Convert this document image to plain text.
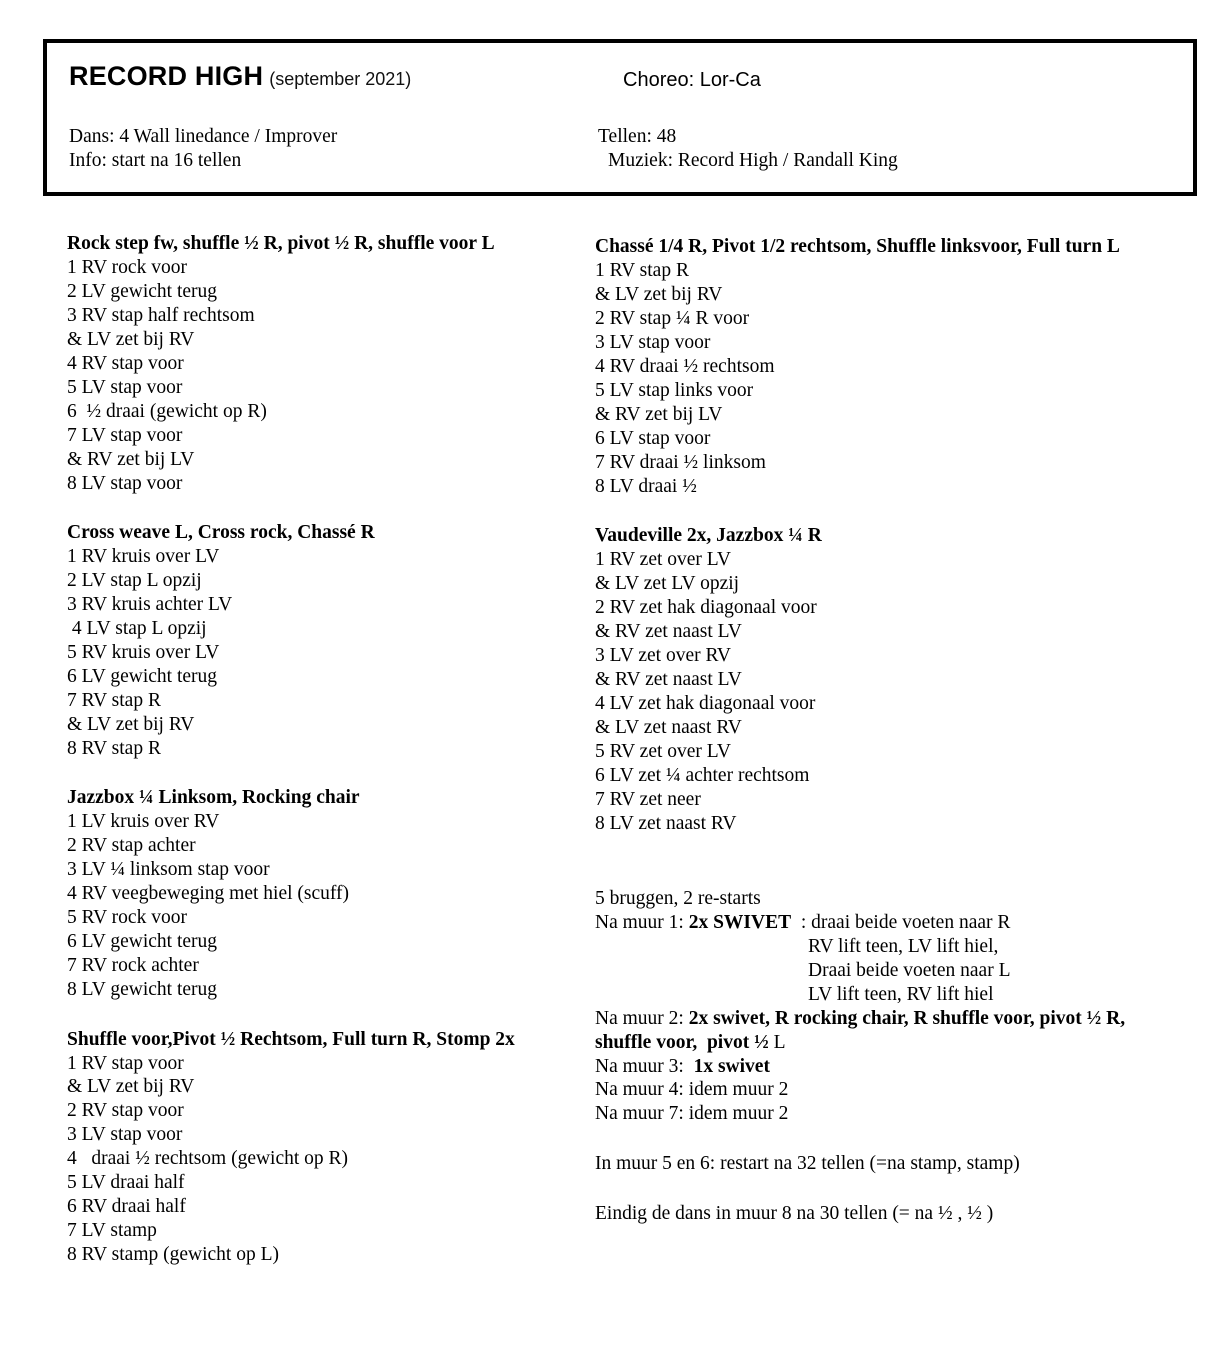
RECORD HIGH (september 2021)	Choreo: Lor-Ca
Dans: 4 Wall linedance / Improver
Info: start na 16 tellen
Tellen: 48
Muziek: Record High / Randall King
Rock step fw, shuffle ½ R, pivot ½ R, shuffle voor L
1 RV rock voor
2 LV gewicht terug
3 RV stap half rechtsom
& LV zet bij RV
4 RV stap voor
5 LV stap voor
6  ½ draai (gewicht op R)
7 LV stap voor
& RV zet bij LV
8 LV stap voor
Cross weave L, Cross rock, Chassé R
1 RV kruis over LV
2 LV stap L opzij
3 RV kruis achter LV
4 LV stap L opzij
5 RV kruis over LV
6 LV gewicht terug
7 RV stap R
& LV zet bij RV
8 RV stap R
Jazzbox ¼ Linksom, Rocking chair
1 LV kruis over RV
2 RV stap achter
3 LV ¼ linksom stap voor
4 RV veegbeweging met hiel (scuff)
5 RV rock voor
6 LV gewicht terug
7 RV rock achter
8 LV gewicht terug
Shuffle voor,Pivot ½ Rechtsom, Full turn R, Stomp 2x
1 RV stap voor
& LV zet bij RV
2 RV stap voor
3 LV stap voor
4   draai ½ rechtsom (gewicht op R)
5 LV draai half
6 RV draai half
7 LV stamp
8 RV stamp (gewicht op L)
Chassé 1/4 R, Pivot 1/2 rechtsom, Shuffle linksvoor, Full turn L
1 RV stap R
& LV zet bij RV
2 RV stap ¼ R voor
3 LV stap voor
4 RV draai ½ rechtsom
5 LV stap links voor
& RV zet bij LV
6 LV stap voor
7 RV draai ½ linksom
8 LV draai ½
Vaudeville 2x, Jazzbox ¼ R
1 RV zet over LV
& LV zet LV opzij
2 RV zet hak diagonaal voor
& RV zet naast LV
3 LV zet over RV
& RV zet naast LV
4 LV zet hak diagonaal voor
& LV zet naast RV
5 RV zet over LV
6 LV zet ¼ achter rechtsom
7 RV zet neer
8 LV zet naast RV
5 bruggen, 2 re-starts
Na muur 1: 2x SWIVET  : draai beide voeten naar R
RV lift teen, LV lift hiel,
Draai beide voeten naar L
LV lift teen, RV lift hiel
Na muur 2: 2x swivet, R rocking chair, R shuffle voor, pivot ½ R,
shuffle voor,  pivot ½ L
Na muur 3:  1x swivet
Na muur 4: idem muur 2
Na muur 7: idem muur 2
In muur 5 en 6: restart na 32 tellen (=na stamp, stamp)
Eindig de dans in muur 8 na 30 tellen (= na ½ , ½ )
